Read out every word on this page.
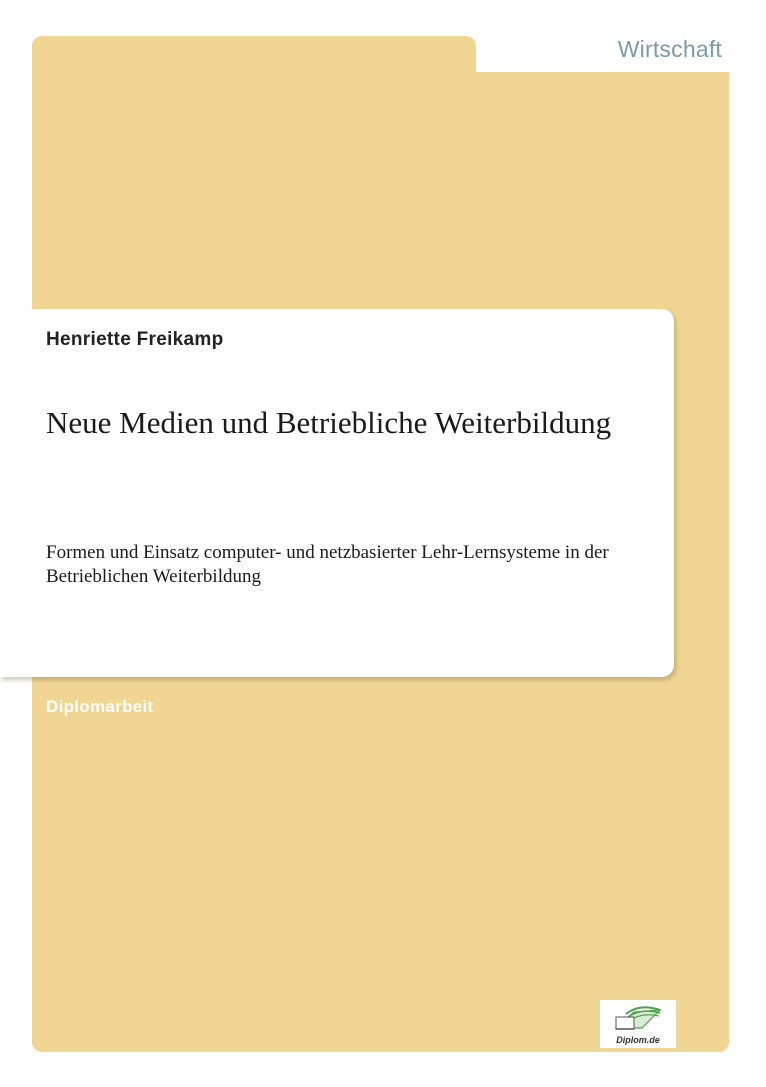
Wirtschaft
Henriette Freikamp
Neue Medien und Betriebliche Weiterbildung
Formen und Einsatz computer- und netzbasierter Lehr-Lernsysteme in der Betrieblichen Weiterbildung
Diplomarbeit
Diplom.de
